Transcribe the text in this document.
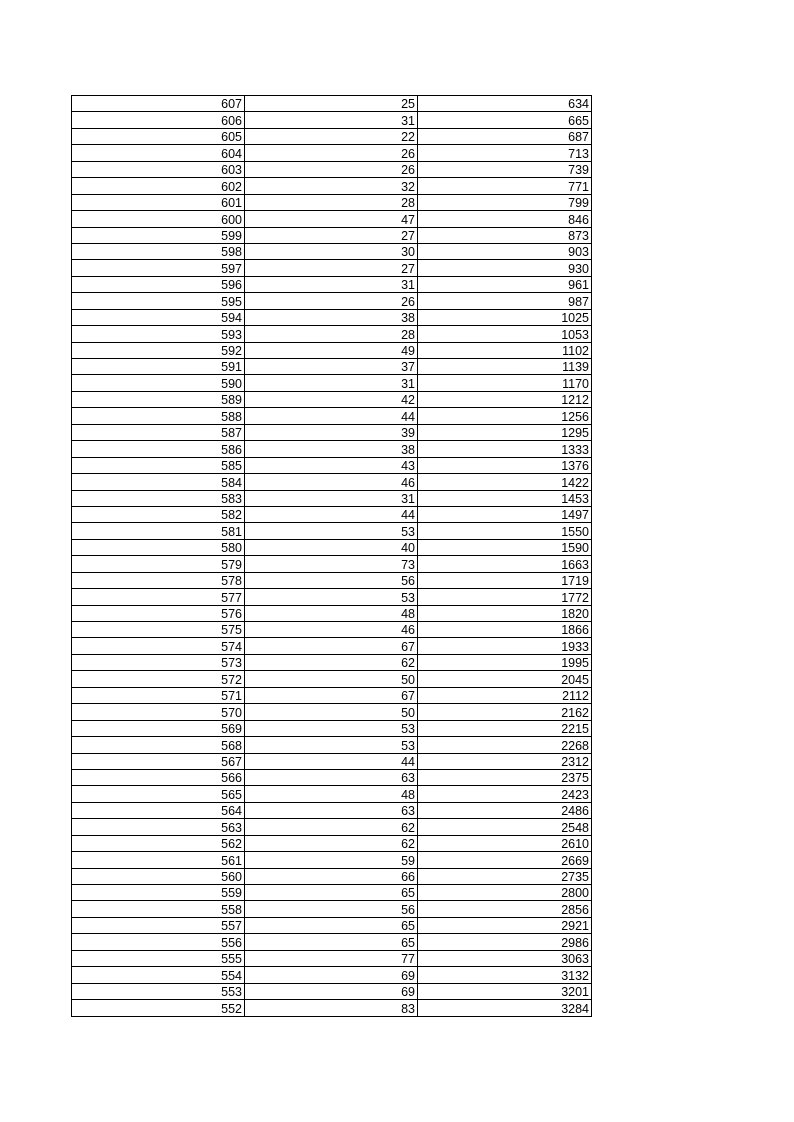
607	25	634
606	31	665
605	22	687
604	26	713
603	26	739
602	32	771
601	28	799
600	47	846
599	27	873
598	30	903
597	27	930
596	31	961
595	26	987
594	38	1025
593	28	1053
592	49	1102
591	37	1139
590	31	1170
589	42	1212
588	44	1256
587	39	1295
586	38	1333
585	43	1376
584	46	1422
583	31	1453
582	44	1497
581	53	1550
580	40	1590
579	73	1663
578	56	1719
577	53	1772
576	48	1820
575	46	1866
574	67	1933
573	62	1995
572	50	2045
571	67	2112
570	50	2162
569	53	2215
568	53	2268
567	44	2312
566	63	2375
565	48	2423
564	63	2486
563	62	2548
562	62	2610
561	59	2669
560	66	2735
559	65	2800
558	56	2856
557	65	2921
556	65	2986
555	77	3063
554	69	3132
553	69	3201
552	83	3284
